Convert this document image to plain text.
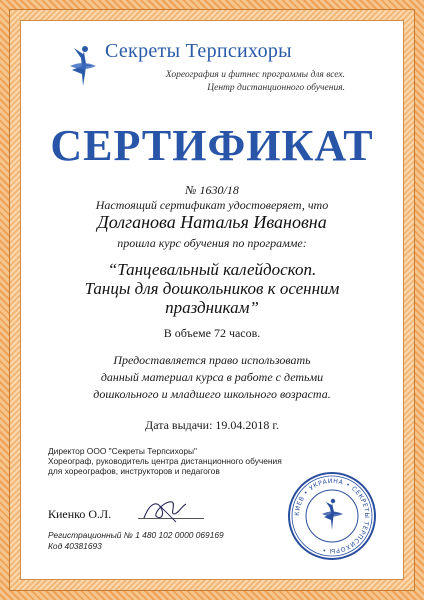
Секреты Терпсихоры
Хореография и фитнес программы для всех.
Центр дистанционного обучения.
СЕРТИФИКАТ
№ 1630/18
Настоящий сертификат удостоверяет, что
Долганова Наталья Ивановна
прошла курс обучения по программе:
“Танцевальный калейдоскоп.
Танцы для дошкольников к осенним
праздникам”
В объеме 72 часов.
Предоставляется право использовать
данный материал курса в работе с детьми
дошкольного и младшего школьного возраста.
Дата выдачи: 19.04.2018 г.
Директор ООО "Секреты Терпсихоры"
Хореограф, руководитель центра дистанционного обучения
для хореографов, инструкторов и педагогов
Киенко О.Л.
Регистрационный № 1 480 102 0000 069169
Код 40381693
КИЕВ • УКРАИНА • СЕКРЕТЫ ТЕРПСИХОРЫ •
